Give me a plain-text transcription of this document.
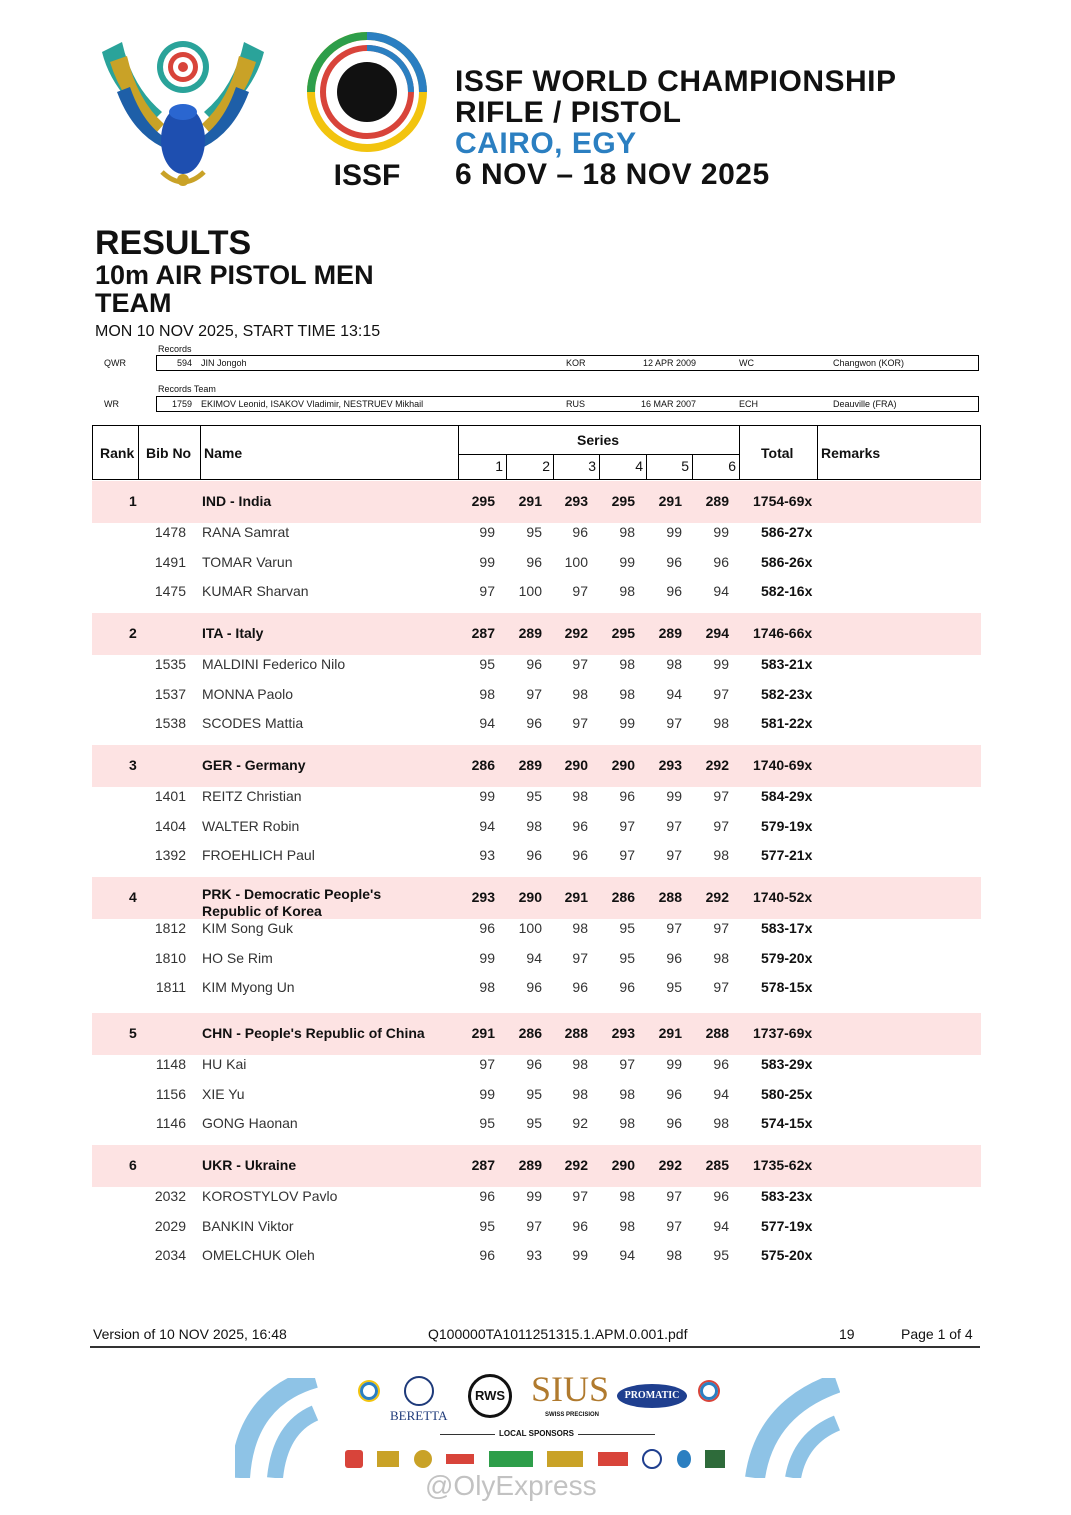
ISSF
ISSF WORLD CHAMPIONSHIP
RIFLE / PISTOL
CAIRO, EGY
6 NOV – 18 NOV 2025
RESULTS
10m AIR PISTOL MEN
TEAM
MON 10 NOV 2025, START TIME 13:15
Records
QWR	594 JIN Jongoh	KOR	12 APR 2009	WC	Changwon (KOR)
Records Team
WR	1759 EKIMOV Leonid, ISAKOV Vladimir, NESTRUEV Mikhail	RUS	16 MAR 2007	ECH	Deauville (FRA)
Rank Bib No Name
Series
1	2	3	4	5	6
Total Remarks
1	IND - India	295	291	293	295	291	289 1754-69x
1478 RANA Samrat	99	95	96	98	99	99 586-27x
1491 TOMAR Varun	99	96	100	99	96	96 586-26x
1475 KUMAR Sharvan	97	100	97	98	96	94 582-16x
2	ITA - Italy	287	289	292	295	289	294 1746-66x
1535 MALDINI Federico Nilo	95	96	97	98	98	99 583-21x
1537 MONNA Paolo	98	97	98	98	94	97 582-23x
1538 SCODES Mattia	94	96	97	99	97	98 581-22x
3	GER - Germany	286	289	290	290	293	292 1740-69x
1401 REITZ Christian	99	95	98	96	99	97 584-29x
1404 WALTER Robin	94	98	96	97	97	97 579-19x
1392 FROEHLICH Paul	93	96	96	97	97	98 577-21x
4	PRK - Democratic People's
Republic of Korea
293	290	291	286	288	292 1740-52x
1812 KIM Song Guk	96	100	98	95	97	97 583-17x
1810 HO Se Rim	99	94	97	95	96	98 579-20x
1811 KIM Myong Un	98	96	96	96	95	97 578-15x
5	CHN - People's Republic of China	291	286	288	293	291	288 1737-69x
1148 HU Kai	97	96	98	97	99	96 583-29x
1156 XIE Yu	99	95	98	98	96	94 580-25x
1146 GONG Haonan	95	95	92	98	96	98 574-15x
6	UKR - Ukraine	287	289	292	290	292	285 1735-62x
2032 KOROSTYLOV Pavlo	96	99	97	98	97	96 583-23x
2029 BANKIN Viktor	95	97	96	98	97	94 577-19x
2034 OMELCHUK Oleh	96	93	99	94	98	95 575-20x
Version of 10 NOV 2025, 16:48	Q100000TA1011251315.1.APM.0.001.pdf	19	Page 1 of 4
BERETTA
RWS SIUS
SWISS PRECISION
PROMATIC
LOCAL SPONSORS
@OlyExpress
